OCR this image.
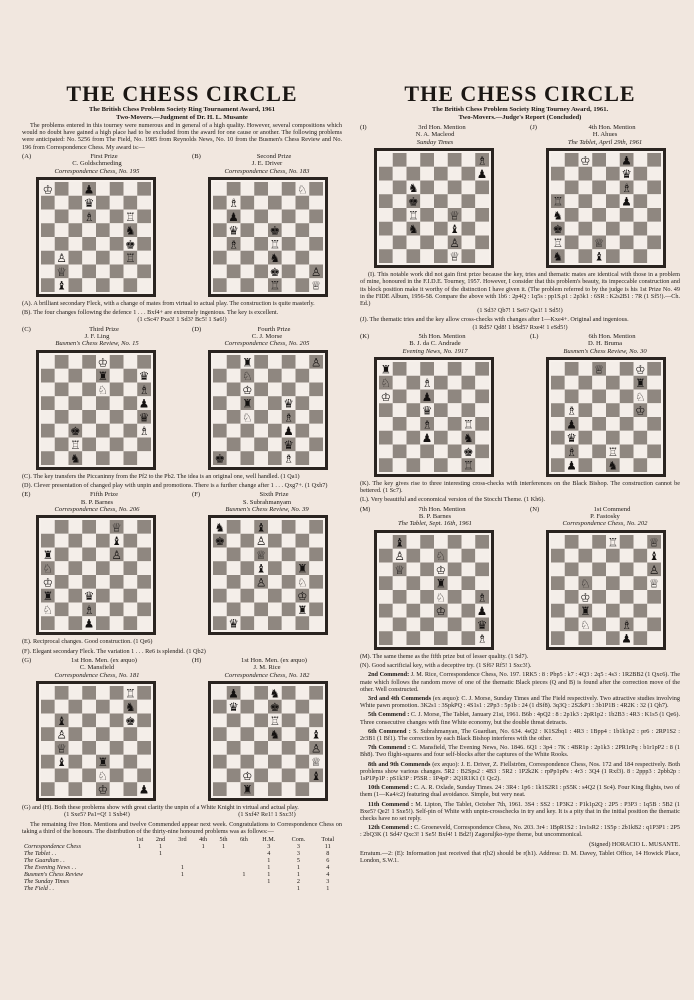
THE CHESS CIRCLE
The British Chess Problem Society Ring Tournament Award, 1961
Two-Movers.—Judgment of Dr. H. L. Musante
The problems entered in this tourney were numerous and in general of a high quality. However, several compositions which would no doubt have gained a high place had to be excluded from the award for one cause or another. The following problems were anticipated: No. 5256 from The Field, No. 1985 from Reynolds News, No. 10 from the Busmen's Chess Review and No. 196 from Correspondence Chess. My award is:—
(A)	First Prize
C. Goldschmeding
Correspondence Chess, No. 195
(B)	Second Prize
J. E. Driver
Correspondence Chess, No. 183
(A). A brilliant secondary Fleck, with a change of mates from virtual to actual play. The construction is quite masterly.
(B). The four changes following the defence 1 . . . Bxf4+ are extremely ingenious. The key is excellent.
(1 cSc4? Pxa3! 1 Sd3? Bc5! 1 Sa6!)
(C)	Third Prize
J. F. Ling
Busmen's Chess Review, No. 15
(D)	Fourth Prize
C. J. Morse
Correspondence Chess, No. 205
(C). The key transfers the Piccaninny from the Pf2 to the Pb2. The idea is an original one, well handled. (1 Qa1)
(D). Clever presentation of changed play with unpin and promotions. There is a further change after 1 . . . Qxg7+. (1 Qxh7)
(E)	Fifth Prize
B. P. Barnes
Correspondence Chess, No. 206
(F)	Sixth Prize
S. Subrahmanyam
Busmen's Chess Review, No. 39
(E). Reciprocal changes. Good construction. (1 Qe6)
(F). Elegant secondary Fleck. The variation 1 . . . Re6 is splendid. (1 Qb2)
(G)	1st Hon. Men. (ex æquo)
C. Mansfield
Correspondence Chess, No. 181
(H)	1st Hon. Men. (ex æquo)
J. M. Rice
Correspondence Chess, No. 182
(G) and (H). Both these problems show with great clarity the unpin of a White Knight in virtual and actual play.
(1 Sxe5? Pa1=Q! 1 Sxb4!)	(1 Sxf4? Re1! 1 Sxc3!)
The remaining five Hon. Mentions and twelve Commended appear next week. Congratulations to Correspondence Chess on taking a third of the honours. The distribution of the thirty-nine honoured problems was as follows:—
	1st	2nd	3rd	4th	5th	6th	H.M.	Com.	Total
Correspondence Chess	1	1		1	1		3	3	11
The Tablet . .		1					4	3	8
The Guardian . .							1	5	6
The Evening News . .			1				1	1	4
Busmen's Chess Review			1			1	1	1	4
The Sunday Times							1	2	3
The Field . .								1	1
THE CHESS CIRCLE
The British Chess Problem Society Ring Tourney Award, 1961.
Two-Movers.—Judge's Report (Concluded)
(I)	3rd Hon. Mention
N. A. Macleod
Sunday Times
(J)	4th Hon. Mention
H. Ahues
The Tablet, April 29th, 1961
(I). This notable work did not gain first prize because the key, tries and thematic mates are identical with those in a problem of mine, honoured in the F.I.D.E. Tourney, 1957. However, I consider that this problem's beauty, its impeccable construction and its block position make it worthy of the distinction I have given it. (The problem referred to by the judge is his 1st Prize No. 49 in the FIDE Album, 1956-58. Compare the above with 1b6 : 2p4Q : 1q5s : pp1S.p1 : 2p3k1 : 6SR : K2s2B1 : 7R (1 Sf5!).—Ch. Ed.)
(1 Sd3? Qb7! 1 Se6? Qa1! 1 Sd5!)
(J). The thematic tries and the key allow cross-checks with changes after 1—Kxe4+. Original and ingenious.
(1 Rd5? Qd8! 1 bSd5? Rxe4! 1 eSd5!)
(K)	5th Hon. Mention
B. J. da C. Andrade
Evening News, No. 1917
(L)	6th Hon. Mention
D. H. Bruma
Busmen's Chess Review, No. 30
(K). The key gives rise to three interesting cross-checks with interferences on the Black Bishop. The construction cannot be bettered. (1 Sc7).
(L). Very beautiful and economical version of the Stocchi Theme. (1 Kh6).
(M)	7th Hon. Mention
B. P. Barnes
The Tablet, Sept. 16th, 1961
(N)	1st Commend
P. Fastosky
Correspondence Chess, No. 202
(M). The same theme as the fifth prize but of lesser quality. (1 Sd7).
(N). Good sacrificial key, with a deceptive try. (1 Sf6? Rf5! 1 Sxc3!).
2nd Commend: J. M. Rice, Correspondence Chess, No. 197. 1RK5 : 8 : Pbp5 : k7 : 4Q3 : 2q5 : 4s3 : 1R2BB2 (1 Qxc6). The mate which follows the random move of one of the thematic Black pieces (Q and B) is found after the correction move of the other. Well constructed.
3rd and 4th Commends (ex æquo): C. J. Morse, Sunday Times and The Field respectively. Two attractive studies involving White pawn promotion. 3K2s1 : 3SpkPQ : 4S1s1 : 2Pp3 : 5p1b : 24 (1 dSf8). 3q3Q : 2S2kP1 : 3b1P1B : 4R2K : 32 (1 Qh7).
5th Commend : C. J. Morse, The Tablet, January 21st, 1961. B6b : 4pQ2 : 8 : 2p1k3 : 2pR1p2 : 1b2B3 : 4R3 : K1s5 (1 Qe6). Three consecutive changes with fine White economy, but the double threat detracts.
6th Commend : S. Subrahmanyan, The Guardian, No. 634. 4sQ2 : K1S2bq1 : 4R3 : 1Bpp4 : 1b1k1p2 : pr6 : 2RP1S2 : 2r3B1 (1 Bf1). The correction by each Black Bishop interferes with the other.
7th Commend : C. Mansfield, The Evening News, No. 1846. 6Q1 : 3p4 : 7K : 4BR1p : 2p1k3 : 2PR1rPq : b1r1pP2 : 8 (1 Bh8). Two flight-squares and four self-blocks after the captures of the White Rooks.
8th and 9th Commends (ex æquo): J. E. Driver, Z. Fiellström, Correspondence Chess, Nos. 172 and 184 respectively. Both problems show various changes. 5R2 : B2Sps2 : 4B3 : 5R2 : 1P2k2K : rpPp1pPs : 4r3 : 3Q4 (1 Rxf3). 8 : 2ppp3 : 2pbb2p : 1sP1Pp1P : pS1k3P : P5SR : 1P4pP : 2Q1R1K1 (1 Qc2).
10th Commend : C. A. R. Oxlade, Sunday Times. 24 : 3R4 : 1p6 : 1k1S2R1 : pS5K : s4Q2 (1 Sc4). Four King flights, two of them (1—Ka4/c2) featuring dual avoidance. Simple, but very neat.
11th Commend : M. Lipton, The Tablet, October 7th, 1961. 3S4 : SS2 : 1P3K2 : P1k1p2Q : 2P5 : P3P3 : 1q5B : 5B2 (1 Bxe5? Qe2! 1 Sxe5!). Self-pin of White with unpin-crosschecks in try and key. It is a pity that in the initial position the thematic checks have no set reply.
12th Commend : C. Groeneveld, Correspondence Chess, No. 203. 3r4 : 1BpR1S2 : 1rs1sR2 : 1S5p : 2b1kB2 : q1P3P1 : 2P5 : 2bQ3K (1 Sd4? Qxc3! 1 Se5! Bxf4! 1 Bd2!) Zagoruljko-type theme, but uncommonical.
(Signed) HORACIO L. MUSANTE.
Erratum.—2: (E): Information just received that r(h2) should be r(h1). Address: D. M. Davey, Tablet Office, 14 Howick Place, London, S.W.1.
